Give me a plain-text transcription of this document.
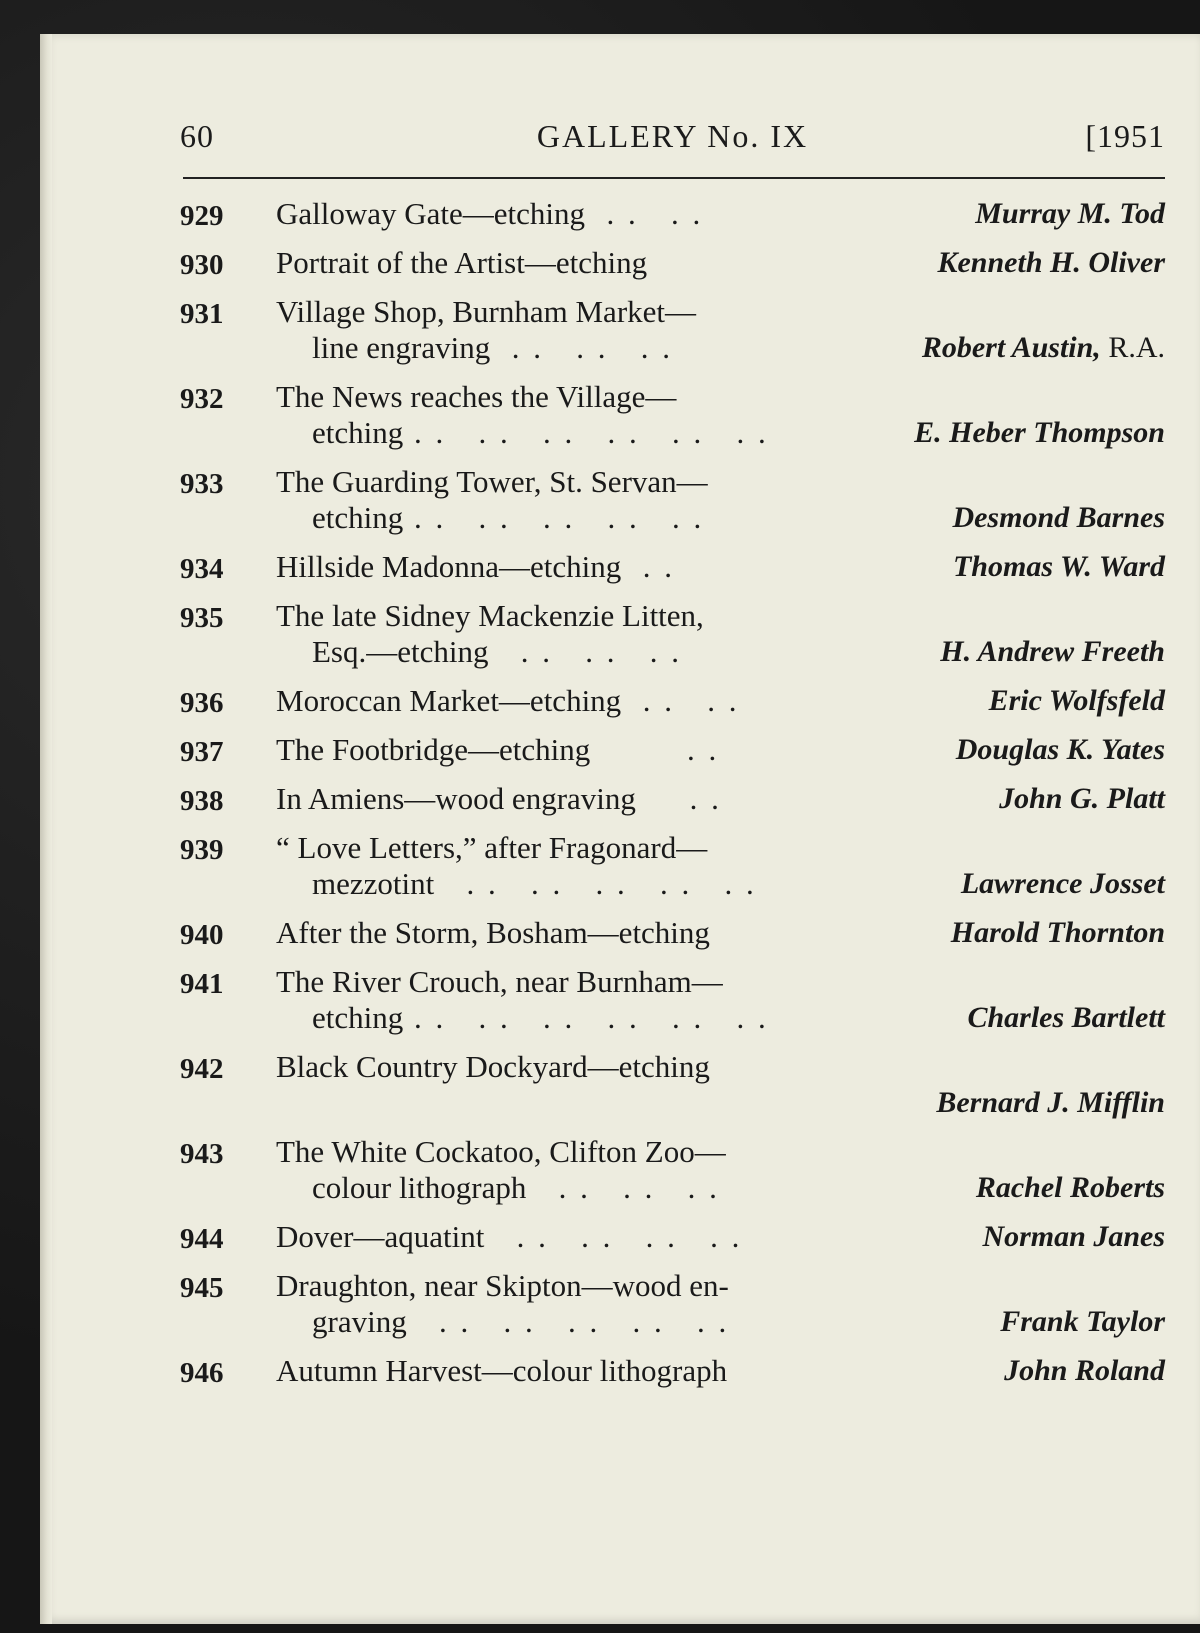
60	GALLERY No. IX	[1951
929 Galloway Gate—etching  . .   . .	Murray M. Tod
930 Portrait of the Artist—etching	Kenneth H. Oliver
931 Village Shop, Burnham Market—
line engraving  . .   . .   . .	Robert Austin, R.A.
932 The News reaches the Village—
etching . .   . .   . .   . .   . .   . .	E. Heber Thompson
933 The Guarding Tower, St. Servan—
etching . .   . .   . .   . .   . .	Desmond Barnes
934 Hillside Madonna—etching  . .	Thomas W. Ward
935 The late Sidney Mackenzie Litten,
Esq.—etching   . .   . .   . .	H. Andrew Freeth
936 Moroccan Market—etching  . .   . .	Eric Wolfsfeld
937 The Footbridge—etching         . .	Douglas K. Yates
938 In Amiens—wood engraving     . .	John G. Platt
939 “ Love Letters,” after Fragonard—
mezzotint   . .   . .   . .   . .   . .	Lawrence Josset
940 After the Storm, Bosham—etching	Harold Thornton
941 The River Crouch, near Burnham—
etching . .   . .   . .   . .   . .   . .	Charles Bartlett
942 Black Country Dockyard—etching
Bernard J. Mifflin
943 The White Cockatoo, Clifton Zoo—
colour lithograph   . .   . .   . .	Rachel Roberts
944 Dover—aquatint   . .   . .   . .   . .	Norman Janes
945 Draughton, near Skipton—wood en-
graving   . .   . .   . .   . .   . .	Frank Taylor
946 Autumn Harvest—colour lithograph	John Roland
